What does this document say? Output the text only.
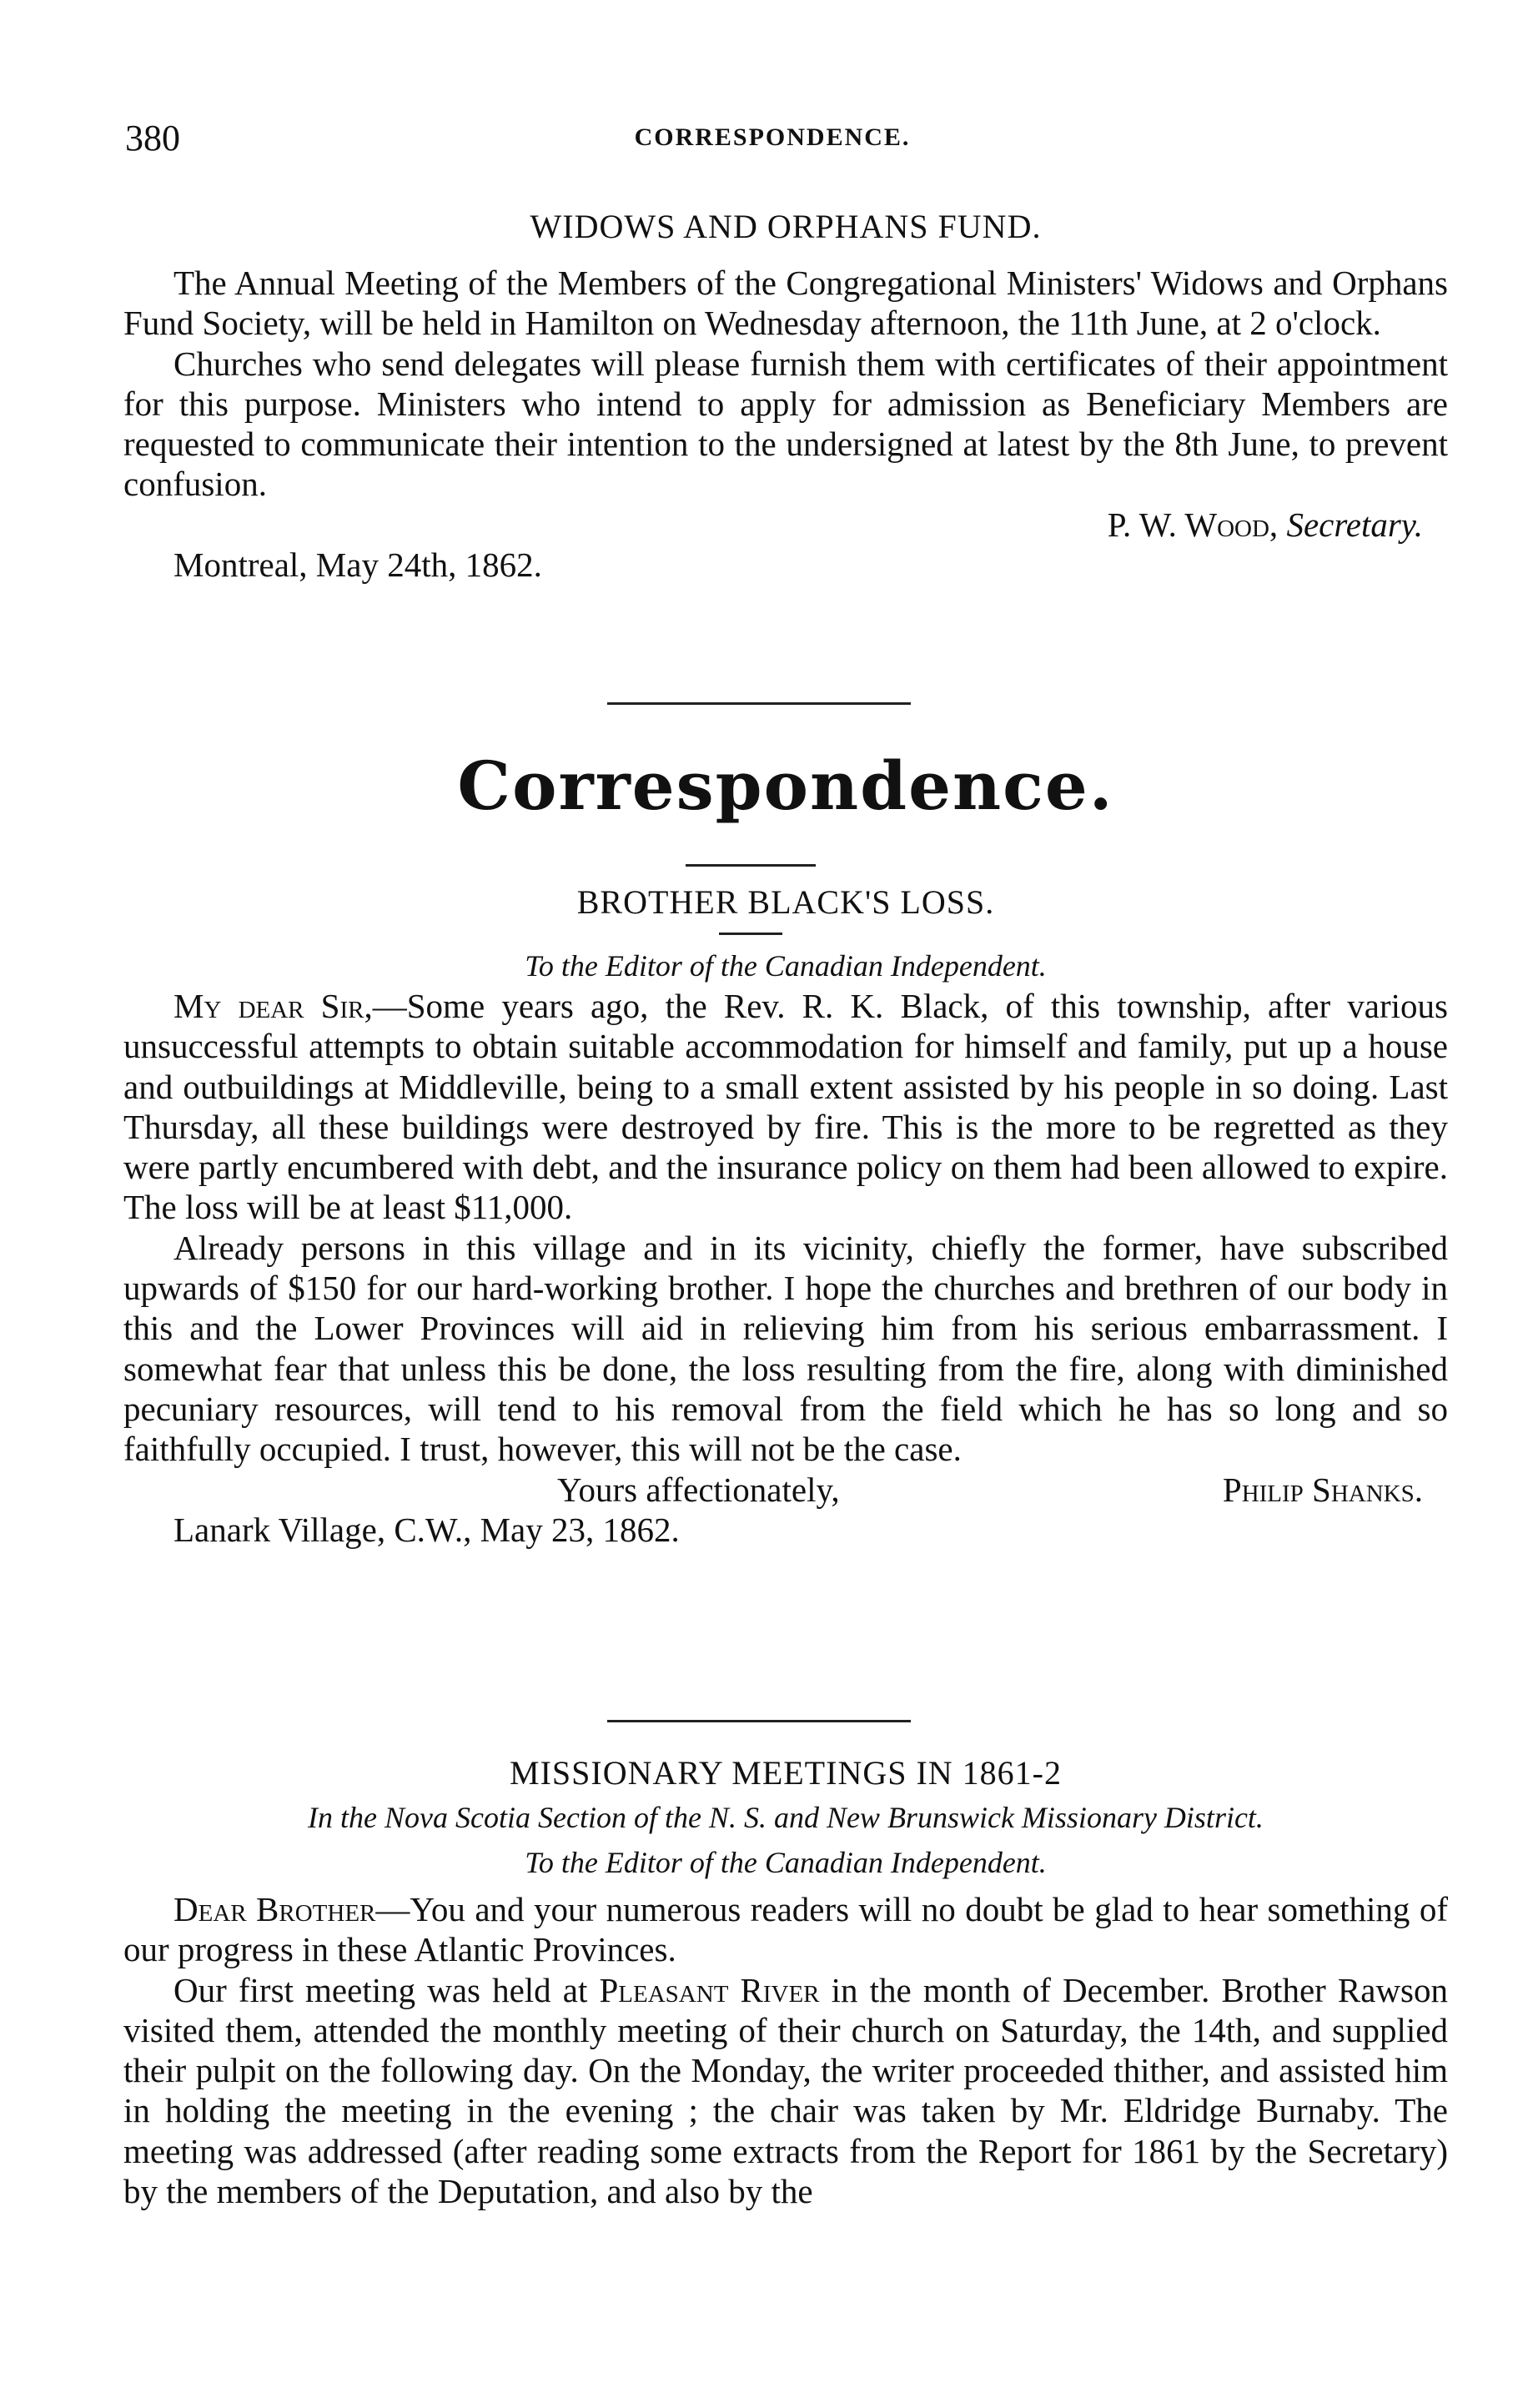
380	CORRESPONDENCE.
WIDOWS AND ORPHANS FUND.

The Annual Meeting of the Members of the Congregational Ministers' Widows and Orphans Fund Society, will be held in Hamilton on Wednesday afternoon, the 11th June, at 2 o'clock.

Churches who send delegates will please furnish them with certificates of their appointment for this purpose. Ministers who intend to apply for admission as Beneficiary Members are requested to communicate their intention to the undersigned at latest by the 8th June, to prevent confusion.

P. W. Wood, Secretary.
Montreal, May 24th, 1862.
Correspondence.
BROTHER BLACK'S LOSS.
To the Editor of the Canadian Independent.

My dear Sir,—Some years ago, the Rev. R. K. Black, of this township, after various unsuccessful attempts to obtain suitable accommodation for himself and family, put up a house and outbuildings at Middleville, being to a small extent assisted by his people in so doing. Last Thursday, all these buildings were destroyed by fire. This is the more to be regretted as they were partly encumbered with debt, and the insurance policy on them had been allowed to expire. The loss will be at least $11,000.

Already persons in this village and in its vicinity, chiefly the former, have subscribed upwards of $150 for our hard-working brother. I hope the churches and brethren of our body in this and the Lower Provinces will aid in relieving him from his serious embarrassment. I somewhat fear that unless this be done, the loss resulting from the fire, along with diminished pecuniary resources, will tend to his removal from the field which he has so long and so faithfully occupied. I trust, however, this will not be the case.

Yours affectionately,	Philip Shanks.
Lanark Village, C.W., May 23, 1862.
MISSIONARY MEETINGS IN 1861-2
In the Nova Scotia Section of the N. S. and New Brunswick Missionary District.
To the Editor of the Canadian Independent.

Dear Brother—You and your numerous readers will no doubt be glad to hear something of our progress in these Atlantic Provinces.

Our first meeting was held at Pleasant River in the month of December. Brother Rawson visited them, attended the monthly meeting of their church on Saturday, the 14th, and supplied their pulpit on the following day. On the Monday, the writer proceeded thither, and assisted him in holding the meeting in the evening ; the chair was taken by Mr. Eldridge Burnaby. The meeting was addressed (after reading some extracts from the Report for 1861 by the Secretary) by the members of the Deputation, and also by the
